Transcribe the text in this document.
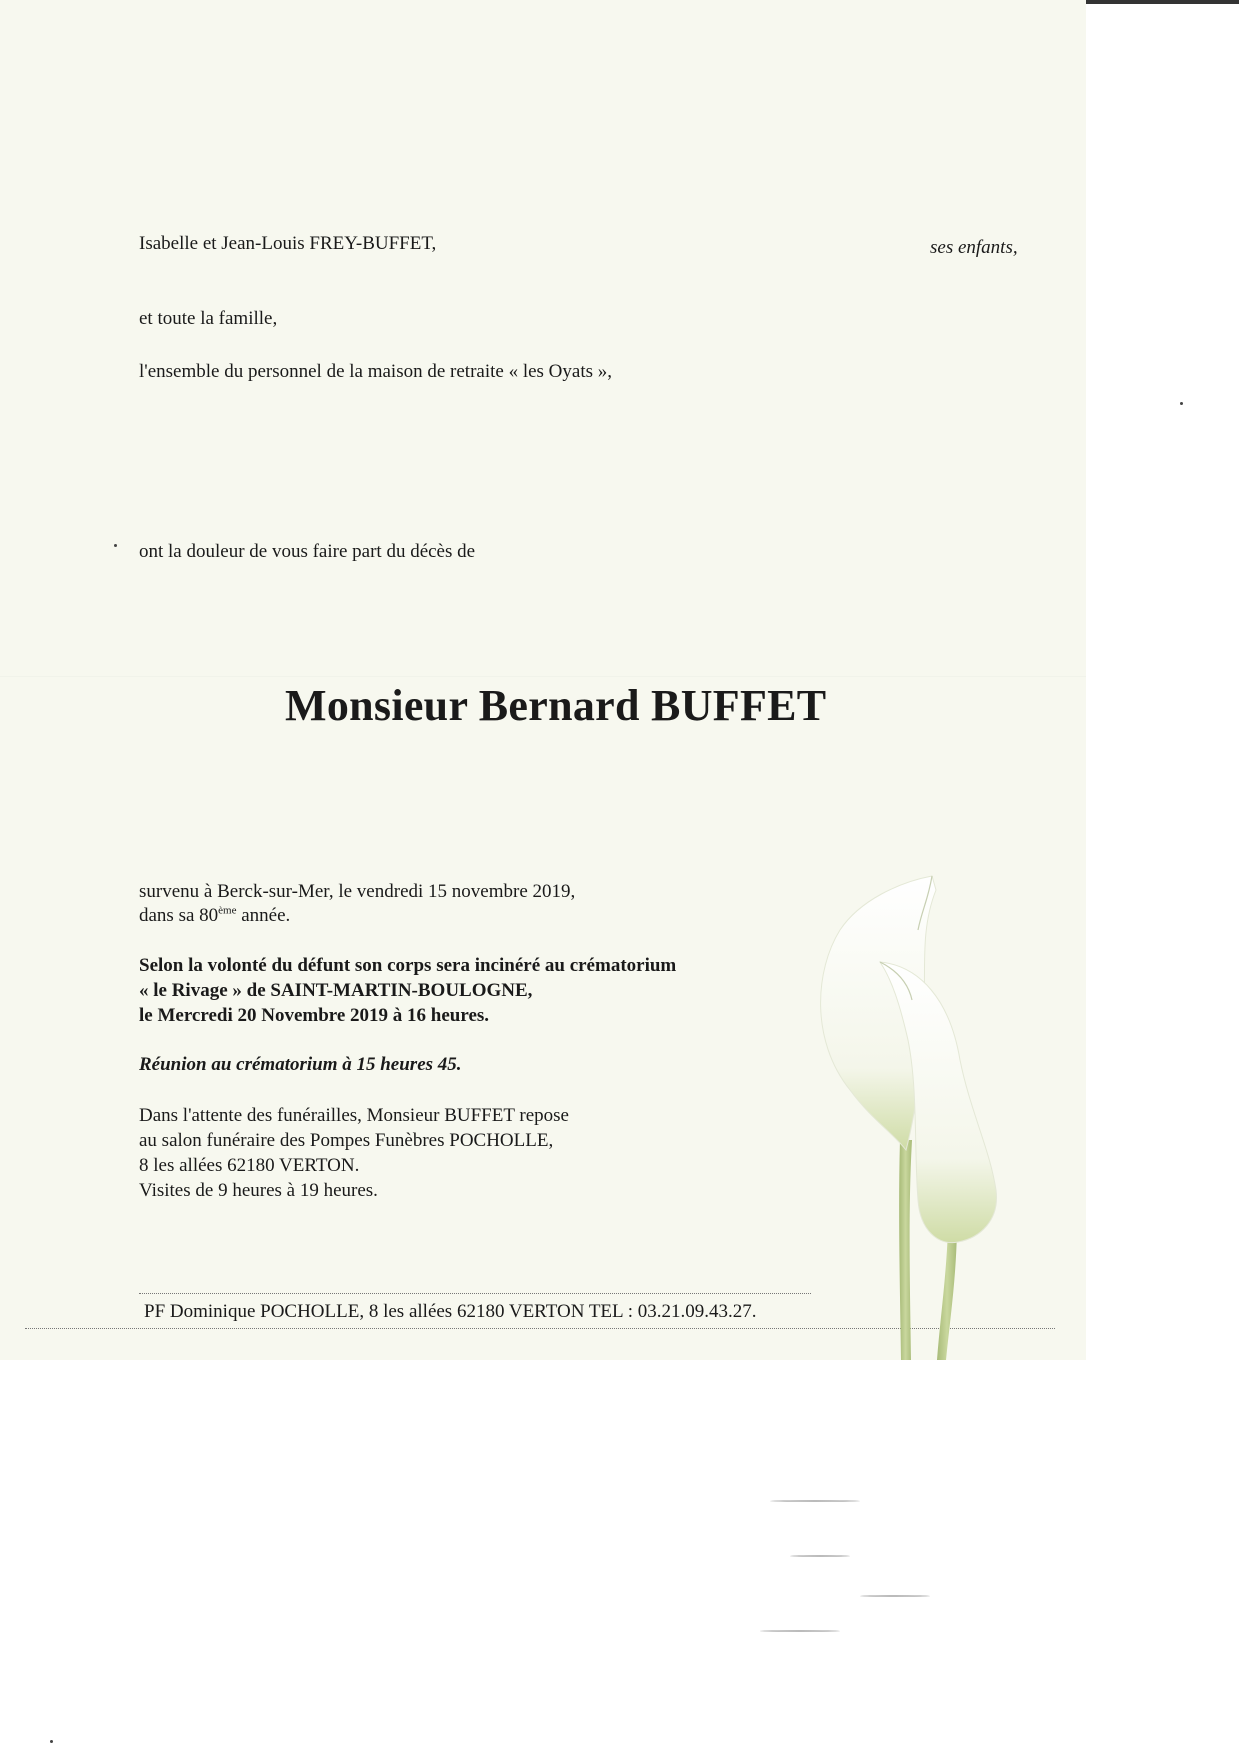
Isabelle et Jean-Louis FREY-BUFFET,	ses enfants,
et toute la famille,
l'ensemble du personnel de la maison de retraite « les Oyats »,
ont la douleur de vous faire part du décès de
Monsieur Bernard BUFFET
survenu à Berck-sur-Mer, le vendredi 15 novembre 2019,
dans sa 80ème année.
Selon la volonté du défunt son corps sera incinéré au crématorium
« le Rivage » de SAINT-MARTIN-BOULOGNE,
le Mercredi 20 Novembre 2019 à 16 heures.
Réunion au crématorium à 15 heures 45.
Dans l'attente des funérailles, Monsieur BUFFET repose
au salon funéraire des Pompes Funèbres POCHOLLE,
8 les allées 62180 VERTON.
Visites de 9 heures à 19 heures.
PF Dominique POCHOLLE, 8 les allées 62180 VERTON TEL : 03.21.09.43.27.
